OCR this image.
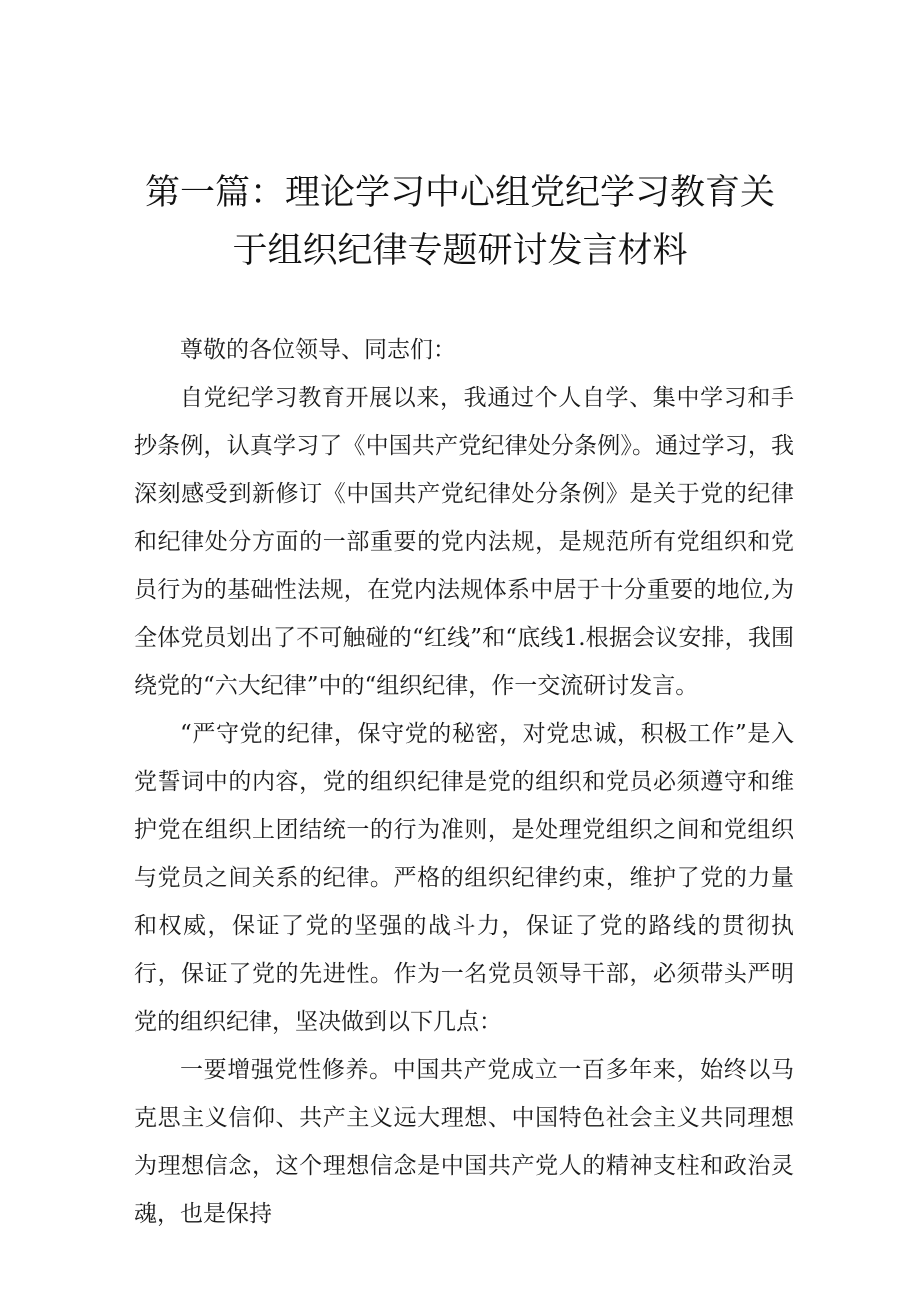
第一篇：理论学习中心组党纪学习教育关
于组织纪律专题研讨发言材料

尊敬的各位领导、同志们：

自党纪学习教育开展以来，我通过个人自学、集中学习和手抄条例，认真学习了《中国共产党纪律处分条例》。通过学习，我深刻感受到新修订《中国共产党纪律处分条例》是关于党的纪律和纪律处分方面的一部重要的党内法规，是规范所有党组织和党员行为的基础性法规，在党内法规体系中居于十分重要的地位,为全体党员划出了不可触碰的“红线”和“底线1.根据会议安排，我围绕党的“六大纪律”中的“组织纪律，作一交流研讨发言。

“严守党的纪律，保守党的秘密，对党忠诚，积极工作”是入党誓词中的内容，党的组织纪律是党的组织和党员必须遵守和维护党在组织上团结统一的行为准则，是处理党组织之间和党组织与党员之间关系的纪律。严格的组织纪律约束，维护了党的力量和权威，保证了党的坚强的战斗力，保证了党的路线的贯彻执行，保证了党的先进性。作为一名党员领导干部，必须带头严明党的组织纪律，坚决做到以下几点：

一要增强党性修养。中国共产党成立一百多年来，始终以马克思主义信仰、共产主义远大理想、中国特色社会主义共同理想为理想信念，这个理想信念是中国共产党人的精神支柱和政治灵魂，也是保持
